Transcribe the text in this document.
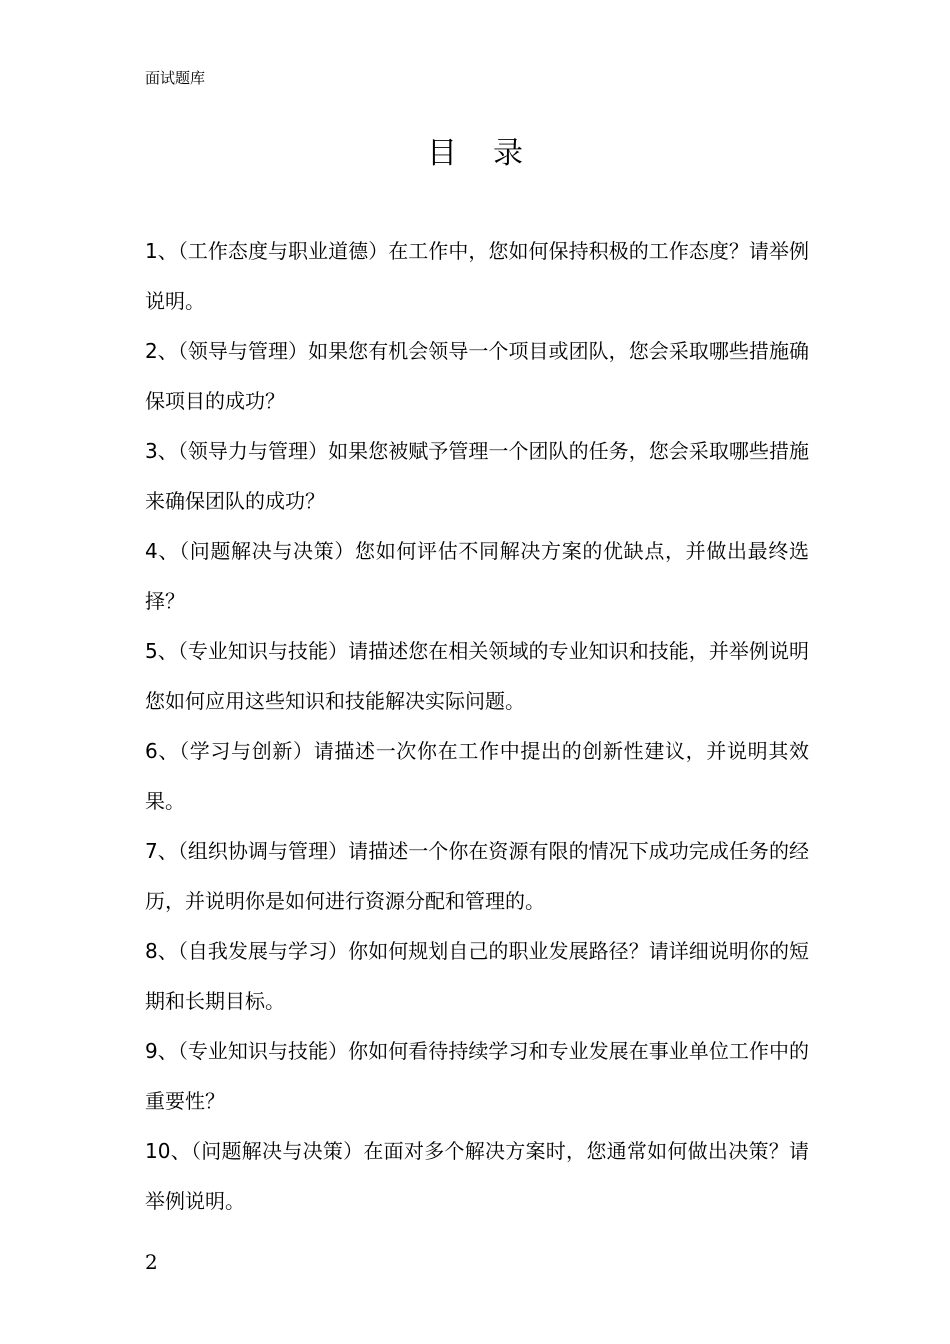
面试题库
目录
1、（工作态度与职业道德）在工作中，您如何保持积极的工作态度？请举例说明。
2、（领导与管理）如果您有机会领导一个项目或团队，您会采取哪些措施确保项目的成功？
3、（领导力与管理）如果您被赋予管理一个团队的任务，您会采取哪些措施来确保团队的成功？
4、（问题解决与决策）您如何评估不同解决方案的优缺点，并做出最终选择？
5、（专业知识与技能）请描述您在相关领域的专业知识和技能，并举例说明您如何应用这些知识和技能解决实际问题。
6、（学习与创新）请描述一次你在工作中提出的创新性建议，并说明其效果。
7、（组织协调与管理）请描述一个你在资源有限的情况下成功完成任务的经历，并说明你是如何进行资源分配和管理的。
8、（自我发展与学习）你如何规划自己的职业发展路径？请详细说明你的短期和长期目标。
9、（专业知识与技能）你如何看待持续学习和专业发展在事业单位工作中的重要性？
10、（问题解决与决策）在面对多个解决方案时，您通常如何做出决策？请举例说明。
2
